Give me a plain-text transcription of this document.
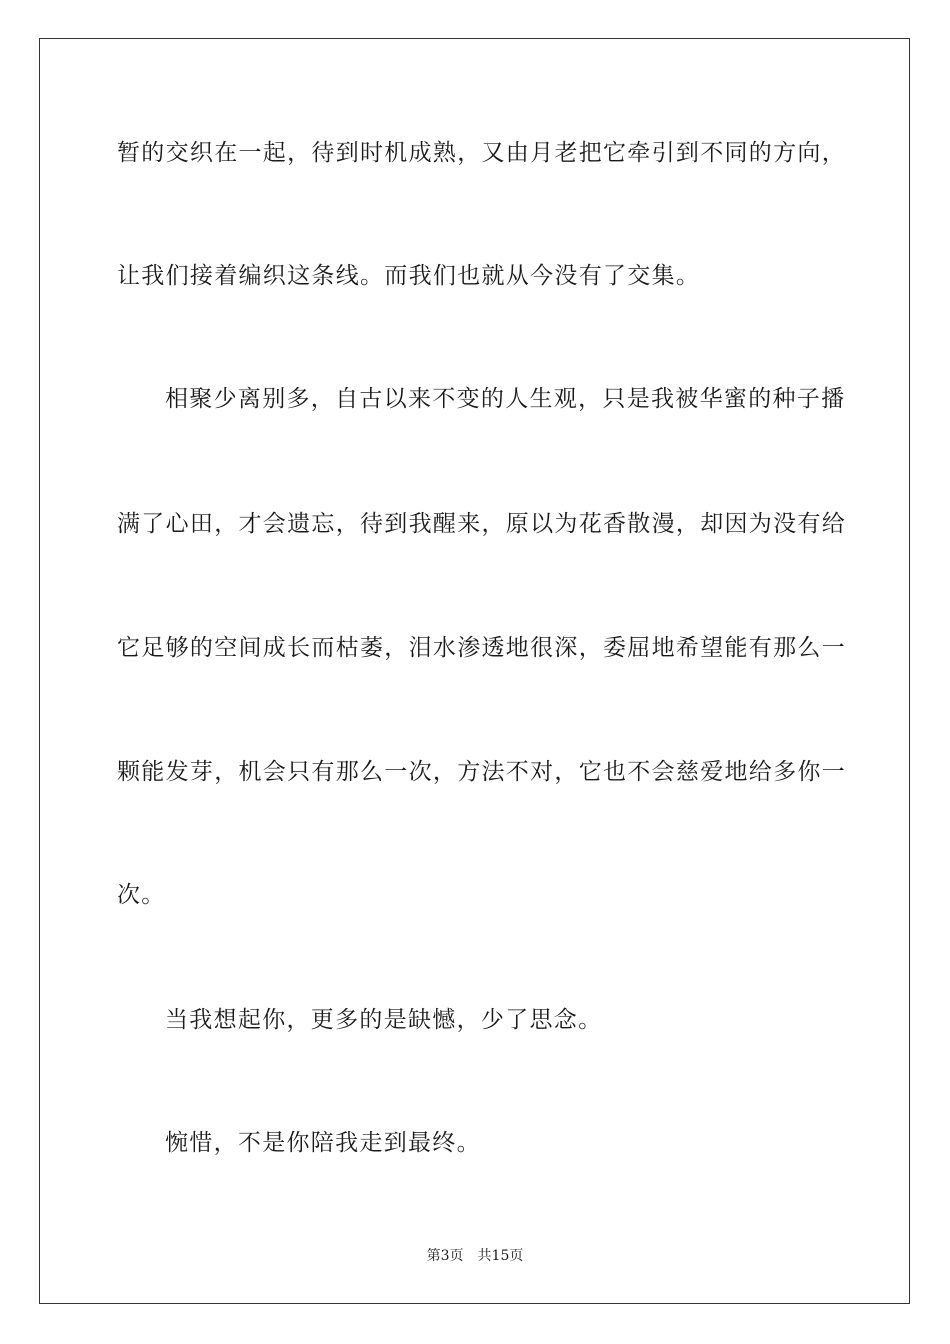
暂的交织在一起，待到时机成熟，又由月老把它牵引到不同的方向，
让我们接着编织这条线。而我们也就从今没有了交集。
相聚少离别多，自古以来不变的人生观，只是我被华蜜的种子播
满了心田，才会遗忘，待到我醒来，原以为花香散漫，却因为没有给
它足够的空间成长而枯萎，泪水渗透地很深，委屈地希望能有那么一
颗能发芽，机会只有那么一次，方法不对，它也不会慈爱地给多你一
次。
当我想起你，更多的是缺憾，少了思念。
惋惜，不是你陪我走到最终。
第3页 共15页
